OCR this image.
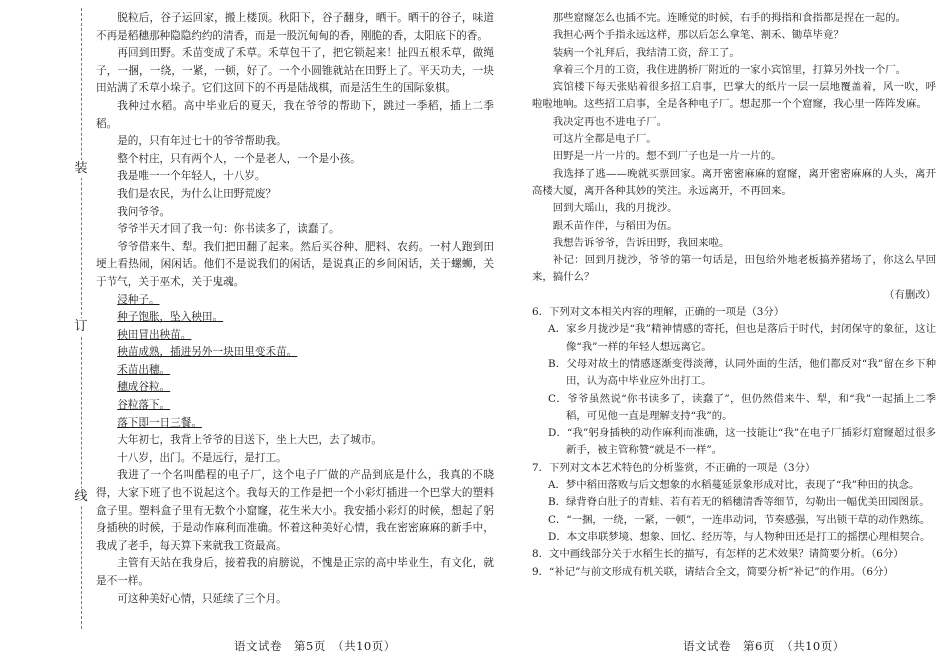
装
订
线

脱粒后，谷子运回家，搬上楼顶。秋阳下，谷子翻身，晒干。晒干的谷子，味道不再是稻穗那种隐隐约约的清香，而是一股沉甸甸的香，刚脆的香，太阳底下的香。

再回到田野。禾苗变成了禾草。禾草包干了，把它锁起来！扯四五根禾草，做绳子，一捆，一绕，一紧，一顿，好了。一个小圆锥就站在田野上了。平天功夫，一块田站满了禾草小垛子。它们这回下的不再是陆战棋，而是活生生的国际象棋。

我种过水稻。高中毕业后的夏天，我在爷爷的帮助下，跳过一季稻，插上二季稻。

是的，只有年过七十的爷爷帮助我。

整个村庄，只有两个人，一个是老人，一个是小孩。

我是唯一一个年轻人，十八岁。

我们是农民，为什么让田野荒废？

我问爷爷。

爷爷半天才回了我一句：你书读多了，读蠢了。

爷爷借来牛、犁。我们把田翻了起来。然后买谷种、肥料、农药。一村人跑到田埂上看热闹，闲闲话。他们不是说我们的闲话，是说真正的乡间闲话，关于螺蛳，关于节气，关于巫术，关于鬼魂。

浸种子。

种子饱胀，坠入秧田。

秧田冒出秧苗。

秧苗成熟，插进另外一块田里变禾苗。

禾苗出穗。

穗成谷粒。

谷粒落下。

落下即一日三餐。

大年初七，我背上爷爷的目送下，坐上大巴，去了城市。

十八岁，出门。不是远行，是打工。

我进了一个名叫酷程的电子厂，这个电子厂做的产品到底是什么，我真的不晓得，大家下班了也不说起这个。我每天的工作是把一个小彩灯插进一个巴掌大的塑料盒子里。塑料盒子里有无数个小窟窿，花生米大小。我安插小彩灯的时候，想起了躬身插秧的时候，于是动作麻利而准确。怀着这种美好心情，我在密密麻麻的新手中，我成了老手，每天算下来就我工资最高。

主管有天站在我身后，接着我的肩膀说，不愧是正宗的高中毕业生，有文化，就是不一样。

可这种美好心情，只延续了三个月。

那些窟窿怎么也插不完。连睡觉的时候，右手的拇指和食指都是捏在一起的。

我担心两个手指永远这样，那以后怎么拿笔、割禾、锄草毕竟？

装病一个礼拜后，我结清工资，辞工了。

拿着三个月的工资，我住进鹊桥厂附近的一家小宾馆里，打算另外找一个厂。

宾馆楼下每天张贴着很多招工启事，巴掌大的纸片一层一层地覆盖着，风一吹，呼啦啦地响。这些招工启事，全是各种电子厂。想起那一个个窟窿，我心里一阵阵发麻。

我决定再也不进电子厂。

可这片全都是电子厂。

田野是一片一片的。想不到厂子也是一片一片的。

我选择了逃——晚就买票回家。离开密密麻麻的窟窿，离开密密麻麻的人头，离开高楼大厦，离开各种其妙的笑注。永远离开，不再回来。

回到大瑶山，我的月拢沙。

跟禾苗作伴，与稻田为伍。

我想告诉爷爷，告诉田野，我回来啦。

补记：回到月拢沙，爷爷的第一句话是，田包给外地老板搞养猪场了，你这么早回来，搞什么？

（有删改）

6．下列对文本相关内容的理解，正确的一项是（3分）

A．家乡月拢沙是“我”精神情感的寄托，但也是落后于时代，封闭保守的象征，这让像“我”一样的年轻人想远离它。

B．父母对故土的情感逐渐变得淡薄，认同外面的生活，他们都反对“我”留在乡下种田，认为高中毕业应外出打工。

C．爷爷虽然说“你书读多了，读蠢了”，但仍然借来牛、犁，和“我”一起插上二季稻，可见他一直是理解支持“我”的。

D．“我”躬身插秧的动作麻利而准确，这一技能让“我”在电子厂插彩灯窟窿超过很多新手，被主管称赞“就是不一样”。

7．下列对文本艺术特色的分析鉴赏，不正确的一项是（3分）

A．梦中稻田落败与后文想象的水稻蔓延景象形成对比，表现了“我”种田的执念。

B．绿背脊白肚子的青蛙、若有若无的稻穗清香等细节，勾勒出一幅优美田园图景。

C．“一捆，一绕，一紧，一顿”，一连串动词，节奏感强，写出锁干草的动作熟练。

D．本文串联梦境、想象、回忆、经历等，与人物种田还是打工的摇摆心理相契合。

8．文中画线部分关于水稻生长的描写，有怎样的艺术效果？请简要分析。（6分）

9．“补记”与前文形成有机关联，请结合全文，简要分析“补记”的作用。（6分）

语文试卷　第5页　（共10页）	语文试卷　第6页　（共10页）
